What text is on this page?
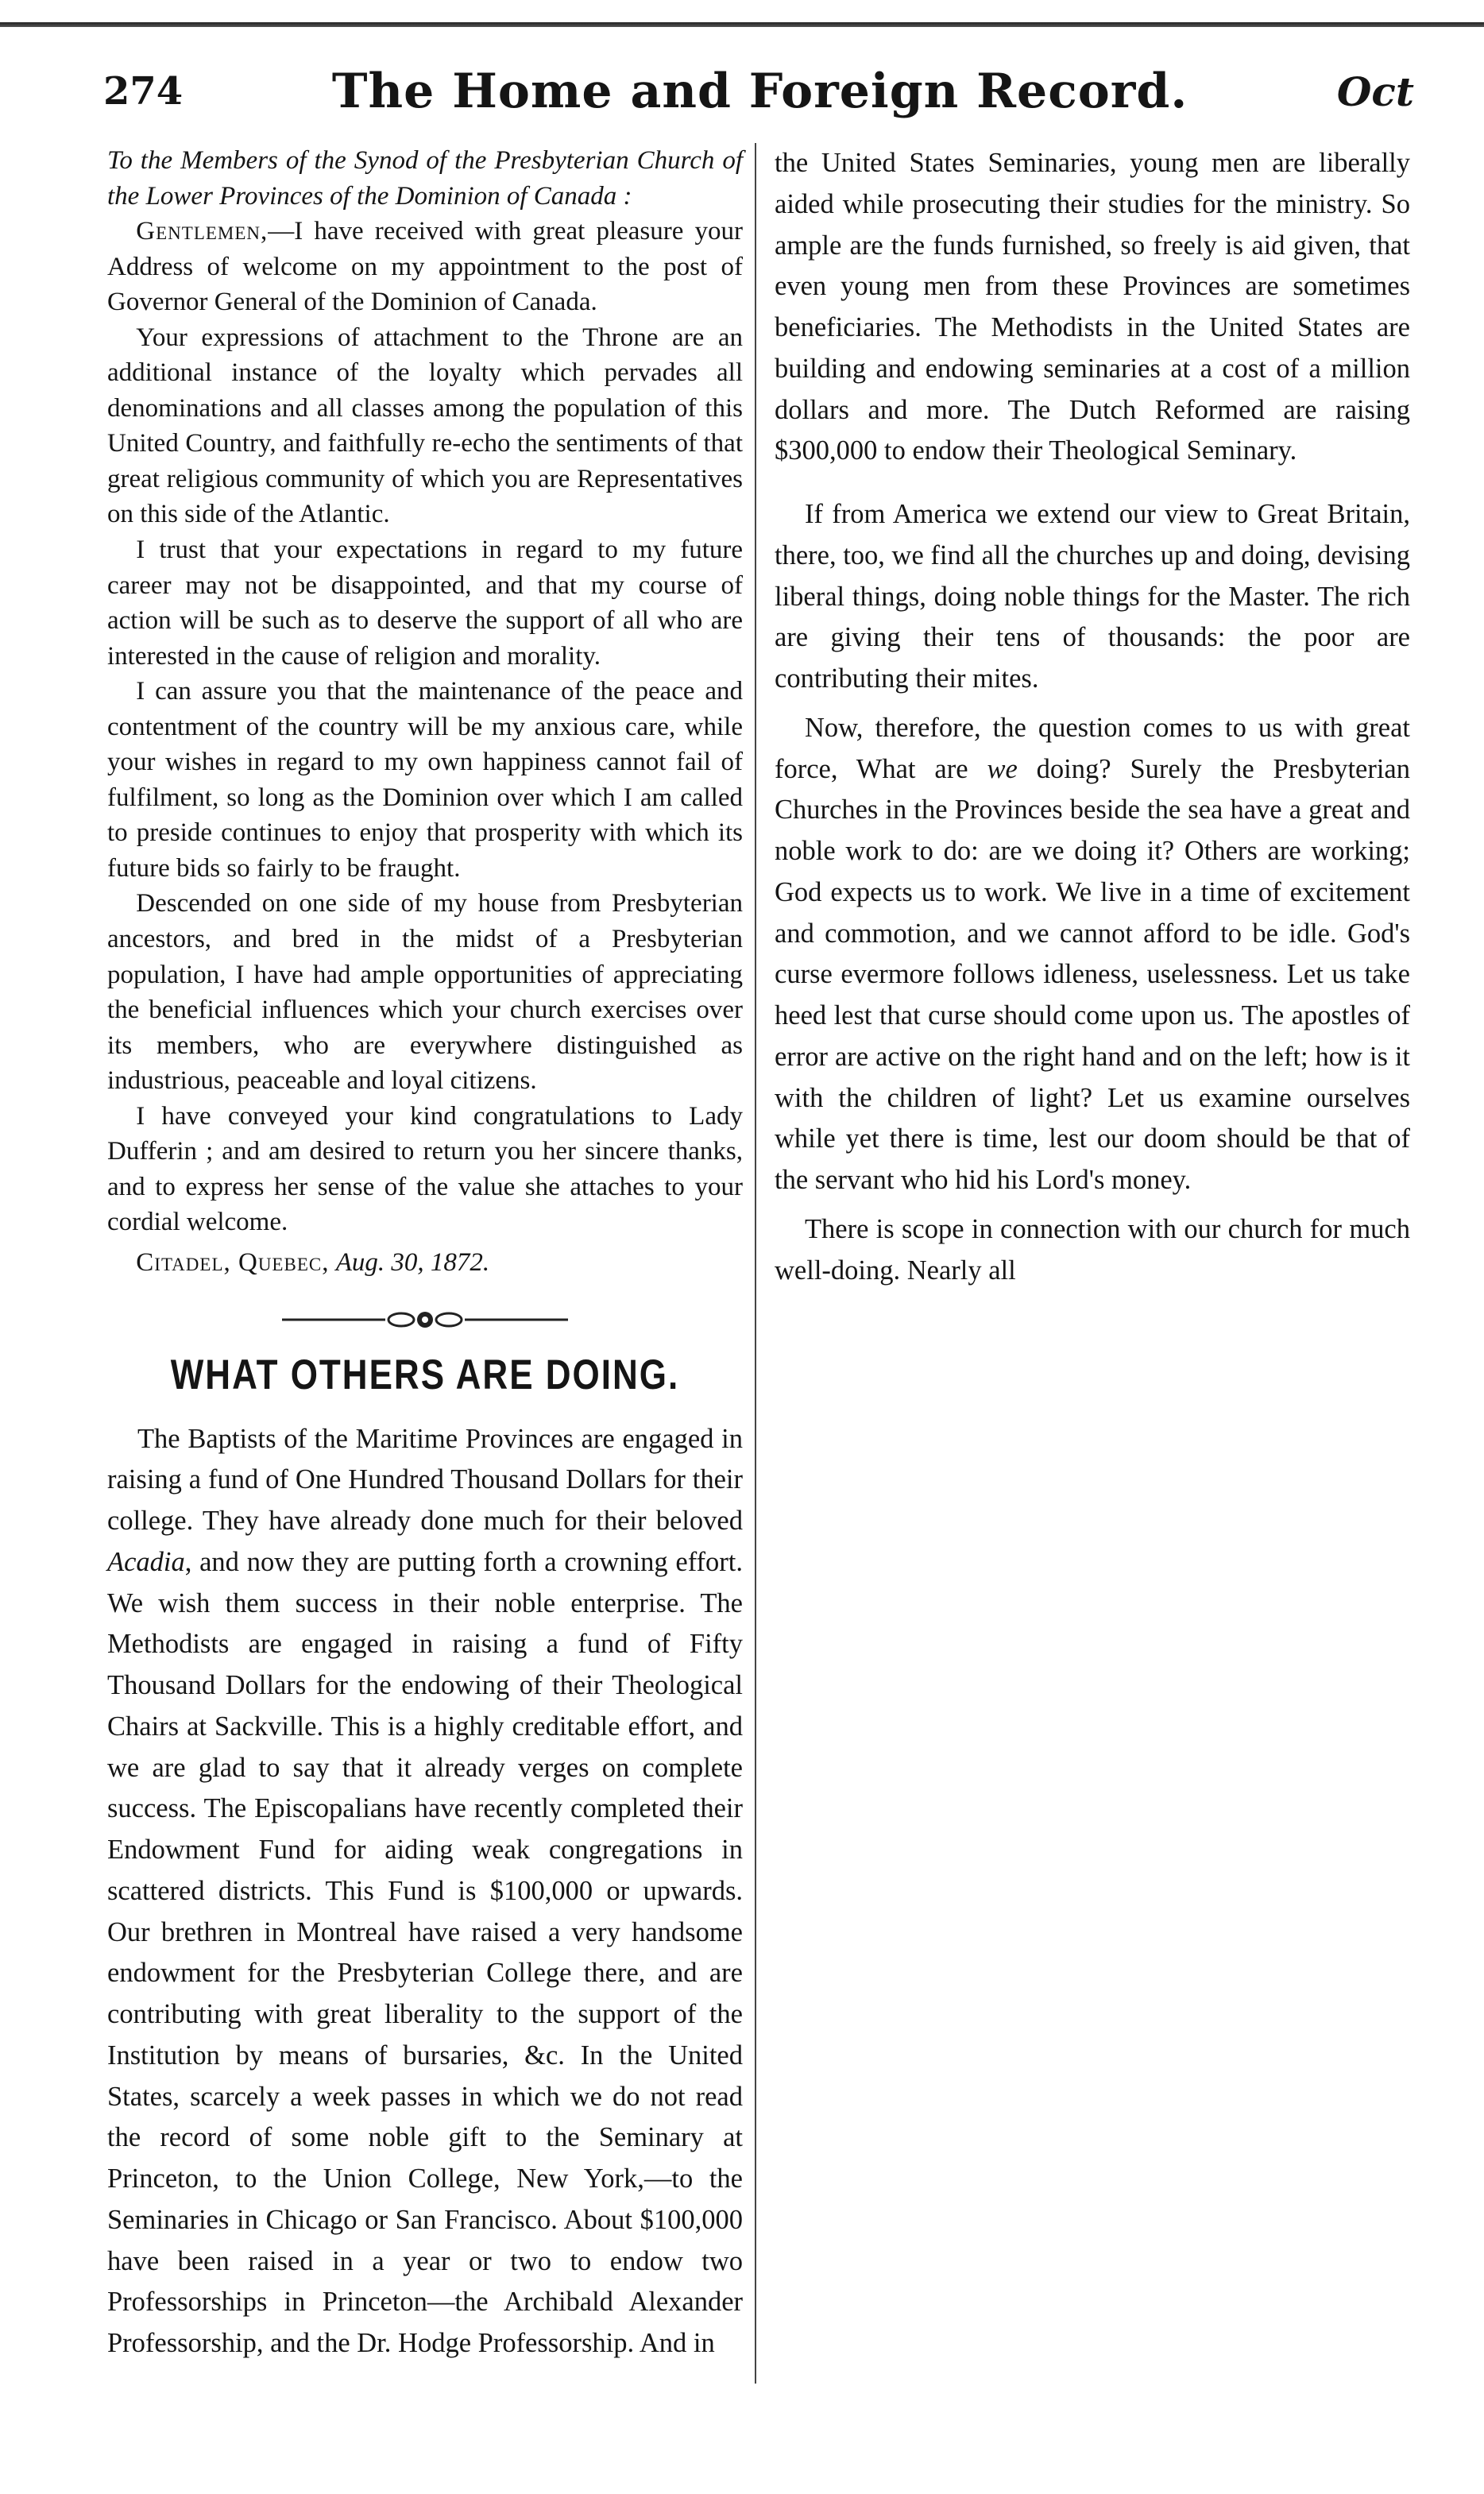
274	The Home and Foreign Record.	Oct

To the Members of the Synod of the Presbyterian Church of the Lower Provinces of the Dominion of Canada :

Gentlemen,—I have received with great pleasure your Address of welcome on my appointment to the post of Governor General of the Dominion of Canada.

Your expressions of attachment to the Throne are an additional instance of the loyalty which pervades all denominations and all classes among the population of this United Country, and faithfully re-echo the sentiments of that great religious community of which you are Representatives on this side of the Atlantic.

I trust that your expectations in regard to my future career may not be disappointed, and that my course of action will be such as to deserve the support of all who are interested in the cause of religion and morality.

I can assure you that the maintenance of the peace and contentment of the country will be my anxious care, while your wishes in regard to my own happiness cannot fail of fulfilment, so long as the Dominion over which I am called to preside continues to enjoy that prosperity with which its future bids so fairly to be fraught.

Descended on one side of my house from Presbyterian ancestors, and bred in the midst of a Presbyterian population, I have had ample opportunities of appreciating the beneficial influences which your church exercises over its members, who are everywhere distinguished as industrious, peaceable and loyal citizens.

I have conveyed your kind congratulations to Lady Dufferin ; and am desired to return you her sincere thanks, and to express her sense of the value she attaches to your cordial welcome.

Citadel, Quebec, Aug. 30, 1872.

WHAT OTHERS ARE DOING.

The Baptists of the Maritime Provinces are engaged in raising a fund of One Hundred Thousand Dollars for their college. They have already done much for their beloved Acadia, and now they are putting forth a crowning effort. We wish them success in their noble enterprise. The Methodists are engaged in raising a fund of Fifty Thousand Dollars for the endowing of their Theological Chairs at Sackville. This is a highly creditable effort, and we are glad to say that it already verges on complete success. The Episcopalians have recently completed their Endowment Fund for aiding weak congregations in scattered districts. This Fund is $100,000 or upwards. Our brethren in Montreal have raised a very handsome endowment for the Presbyterian College there, and are contributing with great liberality to the support of the Institution by means of bursaries, &c. In the United States, scarcely a week passes in which we do not read the record of some noble gift to the Seminary at Princeton, to the Union College, New York,—to the Seminaries in Chicago or San Francisco. About $100,000 have been raised in a year or two to endow two Professorships in Princeton—the Archibald Alexander Professorship, and the Dr. Hodge Professorship. And in

the United States Seminaries, young men are liberally aided while prosecuting their studies for the ministry. So ample are the funds furnished, so freely is aid given, that even young men from these Provinces are sometimes beneficiaries. The Methodists in the United States are building and endowing seminaries at a cost of a million dollars and more. The Dutch Reformed are raising $300,000 to endow their Theological Seminary.

If from America we extend our view to Great Britain, there, too, we find all the churches up and doing, devising liberal things, doing noble things for the Master. The rich are giving their tens of thousands: the poor are contributing their mites.

Now, therefore, the question comes to us with great force, What are we doing? Surely the Presbyterian Churches in the Provinces beside the sea have a great and noble work to do: are we doing it? Others are working; God expects us to work. We live in a time of excitement and commotion, and we cannot afford to be idle. God's curse evermore follows idleness, uselessness. Let us take heed lest that curse should come upon us. The apostles of error are active on the right hand and on the left; how is it with the children of light? Let us examine ourselves while yet there is time, lest our doom should be that of the servant who hid his Lord's money.

There is scope in connection with our church for much well-doing. Nearly all
